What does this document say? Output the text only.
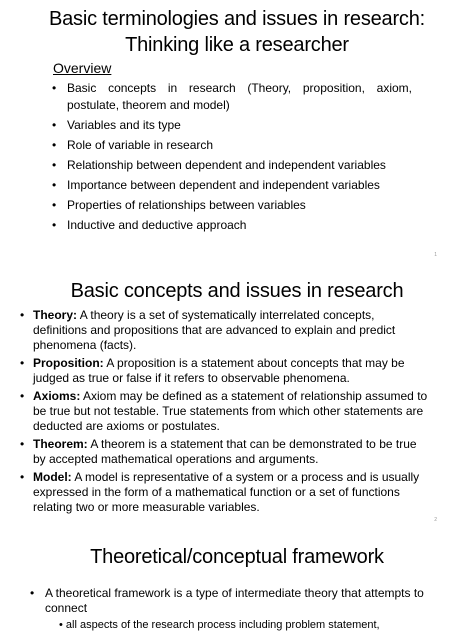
Basic terminologies and issues in research:
Thinking like a researcher
Overview
• Basic concepts in research (Theory, proposition, axiom, postulate, theorem and model)
• Variables and its type
• Role of variable in research
• Relationship between dependent and independent variables
• Importance between dependent and independent variables
• Properties of relationships between variables
• Inductive and deductive approach
1
Basic concepts and issues in research
• Theory: A theory is a set of systematically interrelated concepts, definitions and propositions that are advanced to explain and predict phenomena (facts).
• Proposition: A proposition is a statement about concepts that may be judged as true or false if it refers to observable phenomena.
• Axioms: Axiom may be defined as a statement of relationship assumed to be true but not testable. True statements from which other statements are deducted are axioms or postulates.
• Theorem: A theorem is a statement that can be demonstrated to be true by accepted mathematical operations and arguments.
• Model: A model is representative of a system or a process and is usually expressed in the form of a mathematical function or a set of functions relating two or more measurable variables.
2
Theoretical/conceptual framework
• A theoretical framework is a type of intermediate theory that attempts to connect
• all aspects of the research process including problem statement,
